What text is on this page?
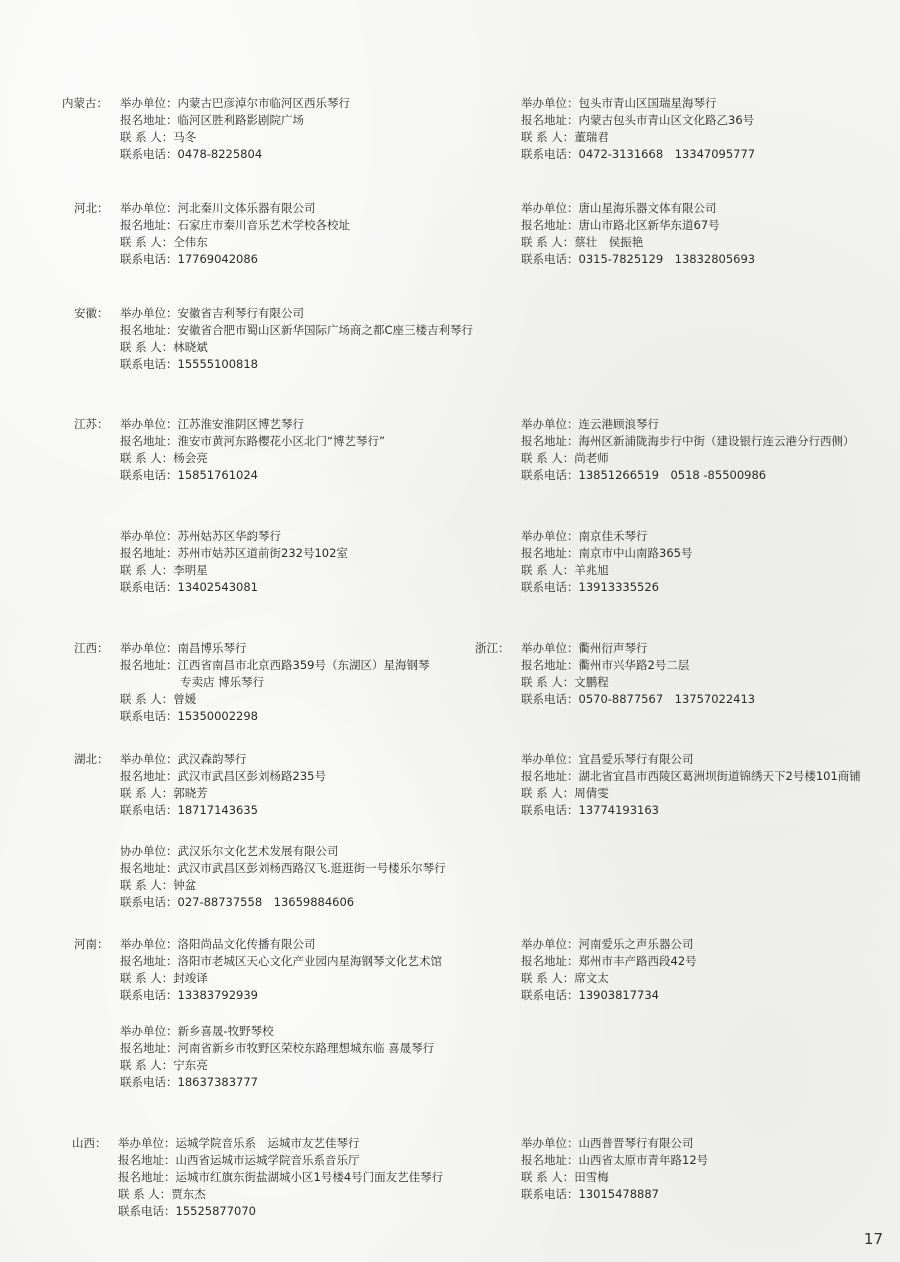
内蒙古：
河北：
安徽：
江苏：
江西：	浙江：
湖北：
河南：
山西：
举办单位：内蒙古巴彦淖尔市临河区西乐琴行
报名地址：临河区胜利路影剧院广场
联 系 人：马冬
联系电话：0478-8225804
举办单位：包头市青山区国瑞星海琴行
报名地址：内蒙古包头市青山区文化路乙36号
联 系 人：董瑞君
联系电话：0472-3131668　13347095777
举办单位：河北秦川文体乐器有限公司
报名地址：石家庄市秦川音乐艺术学校各校址
联 系 人：仝伟东
联系电话：17769042086
举办单位：唐山星海乐器文体有限公司
报名地址：唐山市路北区新华东道67号
联 系 人：蔡壮　侯振艳
联系电话：0315-7825129　13832805693
举办单位：安徽省吉利琴行有限公司
报名地址：安徽省合肥市蜀山区新华国际广场商之都C座三楼吉利琴行
联 系 人：林晓斌
联系电话：15555100818
举办单位：江苏淮安淮阴区博艺琴行
报名地址：淮安市黄河东路樱花小区北门“博艺琴行”
联 系 人：杨会亮
联系电话：15851761024
举办单位：连云港顾浪琴行
报名地址：海州区新浦陇海步行中街（建设银行连云港分行西侧）
联 系 人：尚老师
联系电话：13851266519　0518 -85500986
举办单位：苏州姑苏区华韵琴行
报名地址：苏州市姑苏区道前街232号102室
联 系 人：李明星
联系电话：13402543081
举办单位：南京佳禾琴行
报名地址：南京市中山南路365号
联 系 人：羊兆旭
联系电话：13913335526
举办单位：南昌博乐琴行
报名地址：江西省南昌市北京西路359号（东湖区）星海钢琴
专卖店 博乐琴行
联 系 人：曾媛
联系电话：15350002298
举办单位：衢州衍声琴行
报名地址：衢州市兴华路2号二层
联 系 人：文鹏程
联系电话：0570-8877567　13757022413
举办单位：武汉森韵琴行
报名地址：武汉市武昌区彭刘杨路235号
联 系 人：郭晓芳
联系电话：18717143635
举办单位：宜昌爱乐琴行有限公司
报名地址：湖北省宜昌市西陵区葛洲坝街道锦绣天下2号楼101商铺
联 系 人：周倩雯
联系电话：13774193163
协办单位：武汉乐尔文化艺术发展有限公司
报名地址：武汉市武昌区彭刘杨西路汉飞.逛逛街一号楼乐尔琴行
联 系 人：钟盆
联系电话：027-88737558　13659884606
举办单位：洛阳尚品文化传播有限公司
报名地址：洛阳市老城区天心文化产业园内星海钢琴文化艺术馆
联 系 人：封竣译
联系电话：13383792939
举办单位：河南爱乐之声乐器公司
报名地址：郑州市丰产路西段42号
联 系 人：席文太
联系电话：13903817734
举办单位：新乡喜晟-牧野琴校
报名地址：河南省新乡市牧野区荣校东路理想城东临 喜晟琴行
联 系 人：宁东亮
联系电话：18637383777
举办单位：运城学院音乐系　运城市友艺佳琴行
报名地址：山西省运城市运城学院音乐系音乐厅
报名地址：运城市红旗东街盐湖城小区1号楼4号门面友艺佳琴行
联 系 人：贾东杰
联系电话：15525877070
举办单位：山西普晋琴行有限公司
报名地址：山西省太原市青年路12号
联 系 人：田雪梅
联系电话：13015478887
17
